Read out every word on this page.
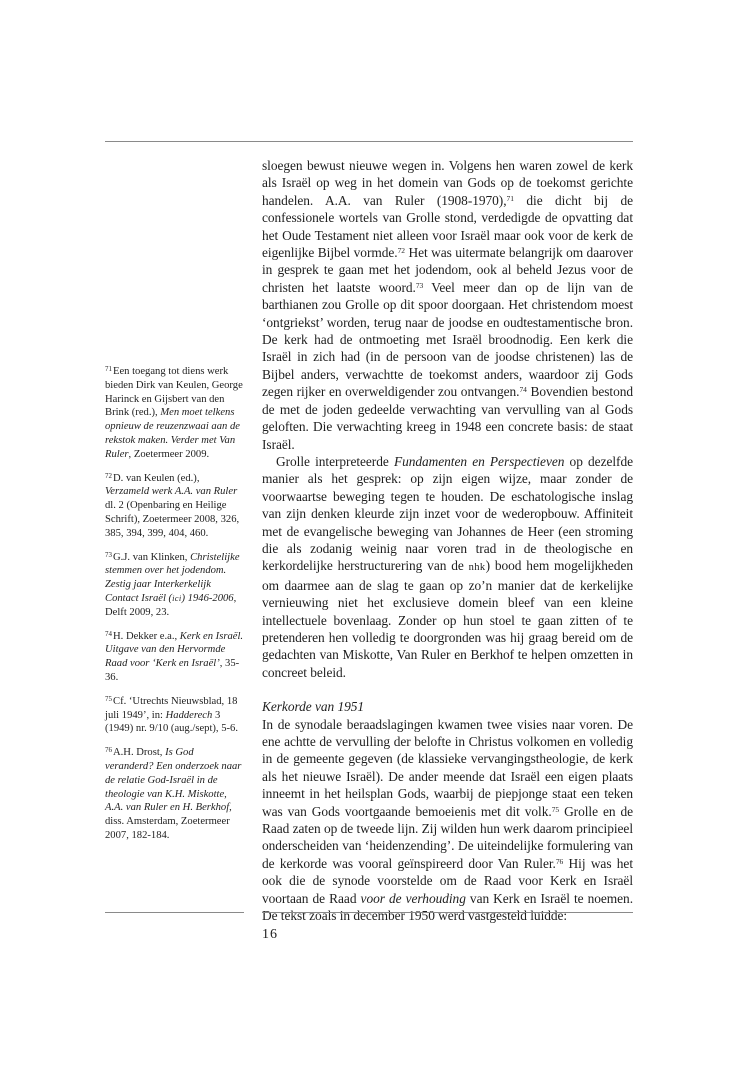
$^{71}$Een toegang tot diens werk bieden Dirk van Keulen, George Harinck en Gijsbert van den Brink (red.), Men moet telkens opnieuw de reuzenzwaai aan de rekstok maken. Verder met Van Ruler, Zoetermeer 2009.

$^{72}$D. van Keulen (ed.), Verzameld werk A.A. van Ruler dl. 2 (Openbaring en Heilige Schrift), Zoetermeer 2008, 326, 385, 394, 399, 404, 460.

$^{73}$G.J. van Klinken, Christelijke stemmen over het jodendom. Zestig jaar Interkerkelijk Contact Israël (ici) 1946-2006, Delft 2009, 23.

$^{74}$H. Dekker e.a., Kerk en Israël. Uitgave van den Hervormde Raad voor ‘Kerk en Israël’, 35-36.

$^{75}$Cf. ‘Utrechts Nieuwsblad, 18 juli 1949’, in: Hadderech 3 (1949) nr. 9/10 (aug./sept), 5-6.

$^{76}$A.H. Drost, Is God veranderd? Een onderzoek naar de relatie God-Israël in de theologie van K.H. Miskotte, A.A. van Ruler en H. Berkhof, diss. Amsterdam, Zoetermeer 2007, 182-184.

sloegen bewust nieuwe wegen in. Volgens hen waren zowel de kerk als Israël op weg in het domein van Gods op de toekomst gerichte handelen. A.A. van Ruler (1908-1970),$^{71}$ die dicht bij de confessionele wortels van Grolle stond, verdedigde de opvatting dat het Oude Testament niet alleen voor Israël maar ook voor de kerk de eigenlijke Bijbel vormde.$^{72}$ Het was uitermate belangrijk om daarover in gesprek te gaan met het jodendom, ook al beheld Jezus voor de christen het laatste woord.$^{73}$ Veel meer dan op de lijn van de barthianen zou Grolle op dit spoor doorgaan. Het christendom moest ‘ontgriekst’ worden, terug naar de joodse en oudtestamentische bron. De kerk had de ontmoeting met Israël broodnodig. Een kerk die Israël in zich had (in de persoon van de joodse christenen) las de Bijbel anders, verwachtte de toekomst anders, waardoor zij Gods zegen rijker en overweldigender zou ontvangen.$^{74}$ Bovendien bestond de met de joden gedeelde verwachting van vervulling van al Gods geloften. Die verwachting kreeg in 1948 een concrete basis: de staat Israël.

Grolle interpreteerde Fundamenten en Perspectieven op dezelfde manier als het gesprek: op zijn eigen wijze, maar zonder de voorwaartse beweging tegen te houden. De eschatologische inslag van zijn denken kleurde zijn inzet voor de wederopbouw. Affiniteit met de evangelische beweging van Johannes de Heer (een stroming die als zodanig weinig naar voren trad in de theologische en kerkordelijke herstructurering van de nhk) bood hem mogelijkheden om daarmee aan de slag te gaan op zo’n manier dat de kerkelijke vernieuwing niet het exclusieve domein bleef van een kleine intellectuele bovenlaag. Zonder op hun stoel te gaan zitten of te pretenderen hen volledig te doorgronden was hij graag bereid om de gedachten van Miskotte, Van Ruler en Berkhof te helpen omzetten in concreet beleid.

Kerkorde van 1951

In de synodale beraadslagingen kwamen twee visies naar voren. De ene achtte de vervulling der belofte in Christus volkomen en volledig in de gemeente gegeven (de klassieke vervangingstheologie, de kerk als het nieuwe Israël). De ander meende dat Israël een eigen plaats inneemt in het heilsplan Gods, waarbij de piepjonge staat een teken was van Gods voortgaande bemoeienis met dit volk.$^{75}$ Grolle en de Raad zaten op de tweede lijn. Zij wilden hun werk daarom principieel onderscheiden van ‘heidenzending’. De uiteindelijke formulering van de kerkorde was vooral geïnspireerd door Van Ruler.$^{76}$ Hij was het ook die de synode voorstelde om de Raad voor Kerk en Israël voortaan de Raad voor de verhouding van Kerk en Israël te noemen. De tekst zoals in december 1950 werd vastgesteld luidde:

16
